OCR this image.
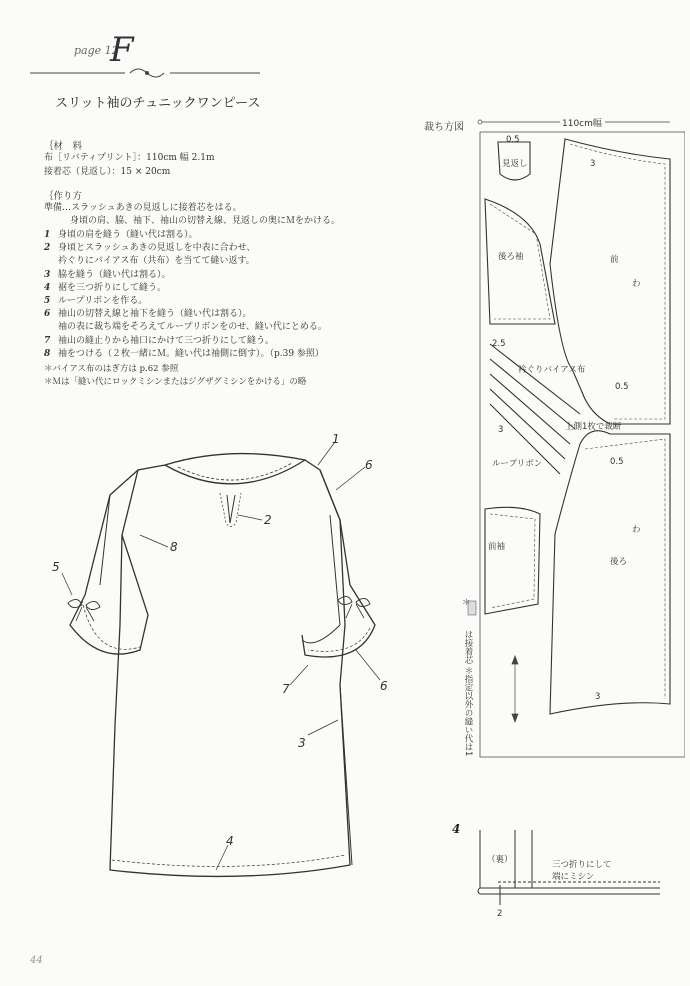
page 12
F
スリット袖のチュニックワンピース
｛材　料
布［リバティプリント］：110cm 幅 2.1m
接着芯（見返し）：15 × 20cm
｛作り方
準備…スラッシュあきの見返しに接着芯をはる。
身頃の肩、脇、袖下、袖山の切替え線、見返しの奥にＭをかける。
1 身頃の肩を縫う（縫い代は割る）。
2 身頃とスラッシュあきの見返しを中表に合わせ、
衿ぐりにバイアス布（共布）を当てて縫い返す。
3 脇を縫う（縫い代は割る）。
4 裾を三つ折りにして縫う。
5 ループリボンを作る。
6 袖山の切替え線と袖下を縫う（縫い代は割る）。
袖の表に裁ち端をそろえてループリボンをのせ、縫い代にとめる。
7 袖山の縫止りから袖口にかけて三つ折りにして縫う。
8 袖をつける（２枚一緒にＭ。縫い代は袖側に倒す）。（p.39 参照）
＊バイアス布のはぎ方は p.62 参照
＊Ｍは「縫い代にロックミシンまたはジグザグミシンをかける」の略
1
2
3
4
5
6
6
7
8
裁ち方図	110cm幅
見返し
後ろ袖	前
衿ぐりバイアス布
ループリボン
上側1枚で裁断
前袖
後ろ
わ
わ
0.5
3
2.5
0.5
0.5
3
3
＊
は接着芯
＊指定以外の縫い代は1
4
（裏）	三つ折りにして
端にミシン
2
44
